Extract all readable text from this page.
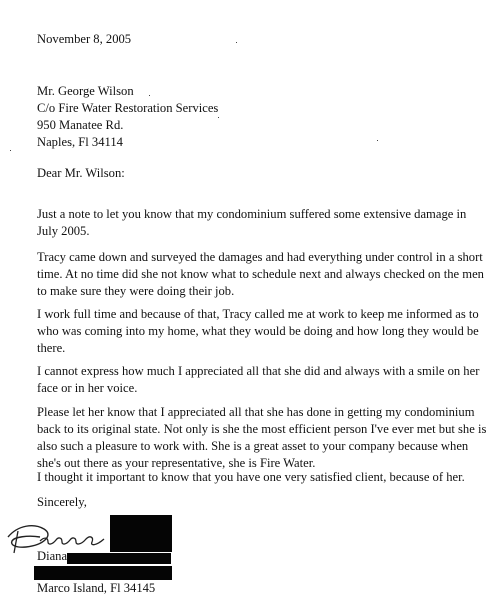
November 8, 2005

Mr. George Wilson
C/o Fire Water Restoration Services
950 Manatee Rd.
Naples, Fl 34114

Dear Mr. Wilson:

Just a note to let you know that my condominium suffered some extensive damage in
July 2005.
Tracy came down and surveyed the damages and had everything under control in a short
time. At no time did she not know what to schedule next and always checked on the men
to make sure they were doing their job.
I work full time and because of that, Tracy called me at work to keep me informed as to
who was coming into my home, what they would be doing and how long they would be
there.
I cannot express how much I appreciated all that she did and always with a smile on her
face or in her voice.
Please let her know that I appreciated all that she has done in getting my condominium
back to its original state. Not only is she the most efficient person I've ever met but she is
also such a pleasure to work with. She is a great asset to your company because when
she's out there as your representative, she is Fire Water.
I thought it important to know that you have one very satisfied client, because of her.

Sincerely,

Diana

Marco Island, Fl 34145
